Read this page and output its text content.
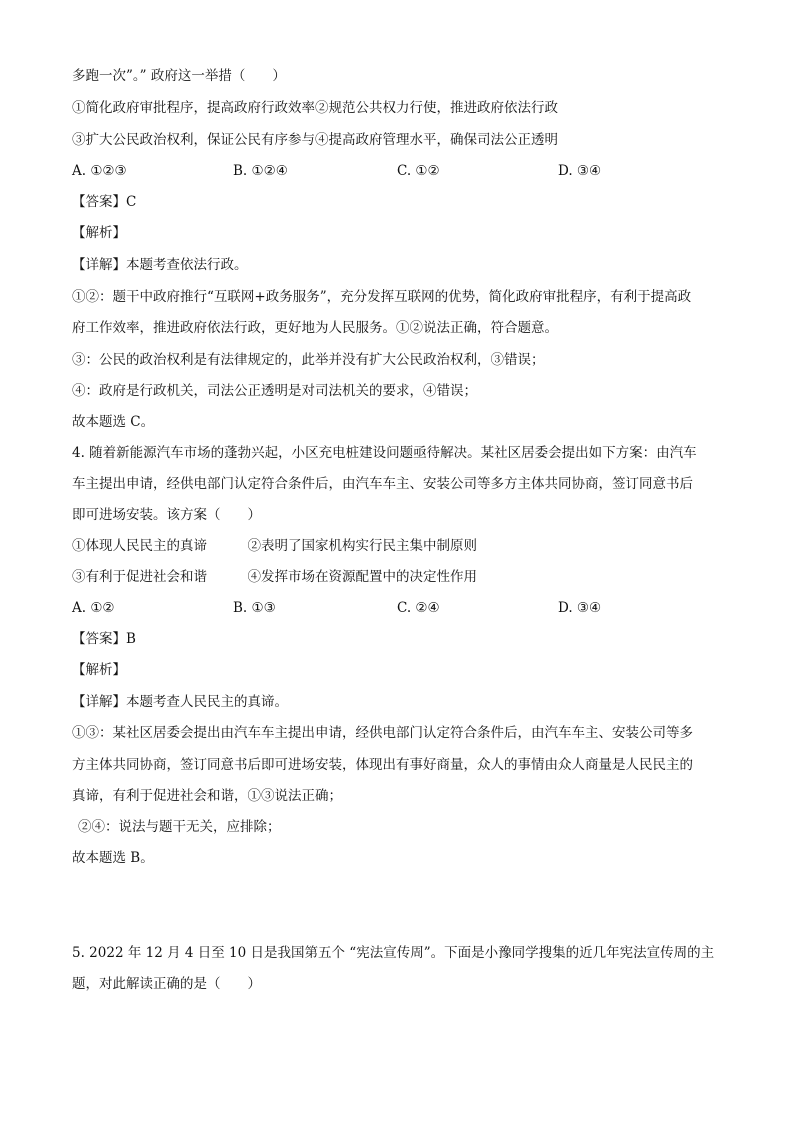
多跑一次”。” 政府这一举措（　　）
①简化政府审批程序，提高政府行政效率②规范公共权力行使，推进政府依法行政
③扩大公民政治权利，保证公民有序参与④提高政府管理水平，确保司法公正透明
A. ①②③	B. ①②④	C. ①②	D. ③④
【答案】C
【解析】
【详解】本题考查依法行政。
①②：题干中政府推行“互联网+政务服务”，充分发挥互联网的优势，简化政府审批程序，有利于提高政
府工作效率，推进政府依法行政，更好地为人民服务。①②说法正确，符合题意。
③：公民的政治权利是有法律规定的，此举并没有扩大公民政治权利，③错误；
④：政府是行政机关，司法公正透明是对司法机关的要求，④错误；
故本题选 C。
4. 随着新能源汽车市场的蓬勃兴起，小区充电桩建设问题亟待解决。某社区居委会提出如下方案：由汽车
车主提出申请，经供电部门认定符合条件后，由汽车车主、安装公司等多方主体共同协商，签订同意书后
即可进场安装。该方案（　　）
①体现人民民主的真谛　　　②表明了国家机构实行民主集中制原则
③有利于促进社会和谐　　　④发挥市场在资源配置中的决定性作用
A. ①②	B. ①③	C. ②④	D. ③④
【答案】B
【解析】
【详解】本题考查人民民主的真谛。
①③：某社区居委会提出由汽车车主提出申请，经供电部门认定符合条件后，由汽车车主、安装公司等多
方主体共同协商，签订同意书后即可进场安装，体现出有事好商量，众人的事情由众人商量是人民民主的
真谛，有利于促进社会和谐，①③说法正确；
②④：说法与题干无关，应排除；
故本题选 B。
5. 2022 年 12 月 4 日至 10 日是我国第五个 “宪法宣传周”。下面是小豫同学搜集的近几年宪法宣传周的主
题，对此解读正确的是（　　）
